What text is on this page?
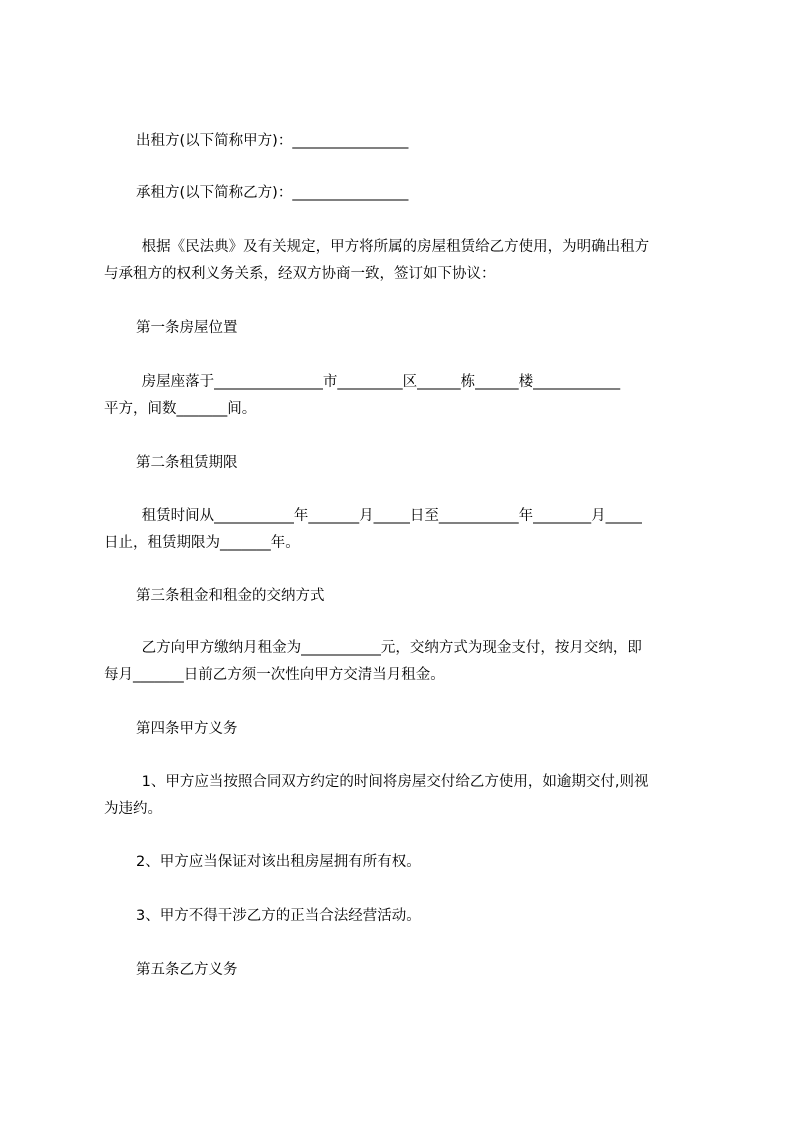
出租方(以下简称甲方)：________________
承租方(以下简称乙方)：________________
根据《民法典》及有关规定，甲方将所属的房屋租赁给乙方使用，为明确出租方
与承租方的权利义务关系，经双方协商一致，签订如下协议：
第一条房屋位置
房屋座落于_______________市_________区______栋______楼____________
平方，间数_______间。
第二条租赁期限
租赁时间从___________年_______月_____日至___________年________月_____
日止，租赁期限为_______年。
第三条租金和租金的交纳方式
乙方向甲方缴纳月租金为___________元，交纳方式为现金支付，按月交纳，即
每月_______日前乙方须一次性向甲方交清当月租金。
第四条甲方义务
1、甲方应当按照合同双方约定的时间将房屋交付给乙方使用，如逾期交付,则视
为违约。
2、甲方应当保证对该出租房屋拥有所有权。
3、甲方不得干涉乙方的正当合法经营活动。
第五条乙方义务
